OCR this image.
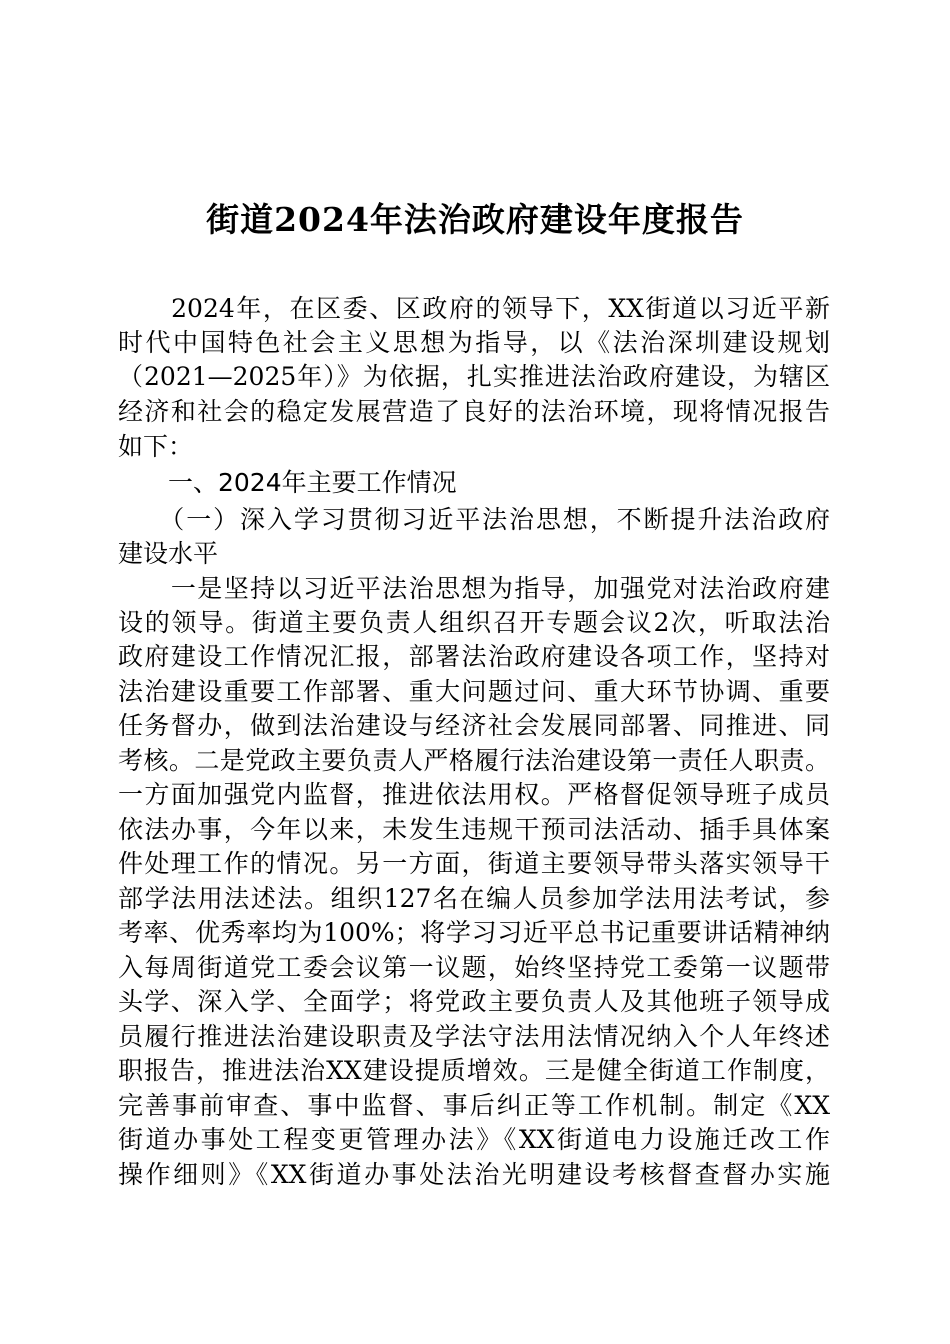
街道2024年法治政府建设年度报告
　　2024年，在区委、区政府的领导下，XX街道以习近平新
时代中国特色社会主义思想为指导，以《法治深圳建设规划
（2021—2025年）》为依据，扎实推进法治政府建设，为辖区
经济和社会的稳定发展营造了良好的法治环境，现将情况报告
如下：
　　一、2024年主要工作情况
　　（一）深入学习贯彻习近平法治思想，不断提升法治政府
建设水平
　　一是坚持以习近平法治思想为指导，加强党对法治政府建
设的领导。街道主要负责人组织召开专题会议2次，听取法治
政府建设工作情况汇报，部署法治政府建设各项工作，坚持对
法治建设重要工作部署、重大问题过问、重大环节协调、重要
任务督办，做到法治建设与经济社会发展同部署、同推进、同
考核。二是党政主要负责人严格履行法治建设第一责任人职责。
一方面加强党内监督，推进依法用权。严格督促领导班子成员
依法办事，今年以来，未发生违规干预司法活动、插手具体案
件处理工作的情况。另一方面，街道主要领导带头落实领导干
部学法用法述法。组织127名在编人员参加学法用法考试，参
考率、优秀率均为100%；将学习习近平总书记重要讲话精神纳
入每周街道党工委会议第一议题，始终坚持党工委第一议题带
头学、深入学、全面学；将党政主要负责人及其他班子领导成
员履行推进法治建设职责及学法守法用法情况纳入个人年终述
职报告，推进法治XX建设提质增效。三是健全街道工作制度，
完善事前审查、事中监督、事后纠正等工作机制。制定《XX
街道办事处工程变更管理办法》《XX街道电力设施迁改工作
操作细则》《XX街道办事处法治光明建设考核督查督办实施
